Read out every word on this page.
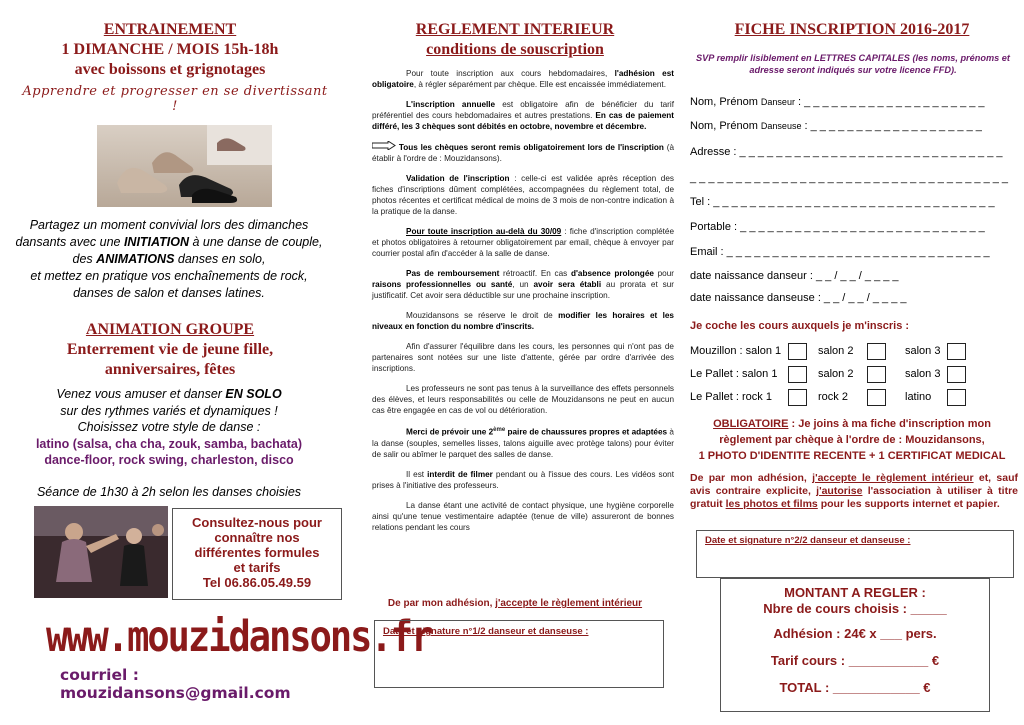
ENTRAINEMENT
1 DIMANCHE / MOIS 15h-18h
avec boissons et grignotages
Apprendre et progresser en se divertissant !
Partagez un moment convivial lors des dimanches
dansants avec une INITIATION à une danse de couple,
des ANIMATIONS danses en solo,
et mettez en pratique vos enchaînements de rock,
danses de salon et danses latines.
ANIMATION GROUPE
Enterrement vie de jeune fille,
anniversaires, fêtes
Venez vous amuser et danser EN SOLO
sur des rythmes variés et dynamiques !
Choisissez votre style de danse :
latino (salsa, cha cha, zouk, samba, bachata)
dance-floor, rock swing, charleston, disco
Séance de 1h30 à 2h selon les danses choisies
Consultez-nous pour
connaître nos
différentes formules
et tarifs
Tel 06.86.05.49.59
www.mouzidansons.fr
courriel : mouzidansons@gmail.com
REGLEMENT INTERIEUR
conditions de souscription

Pour toute inscription aux cours hebdomadaires, l'adhésion est obligatoire, à régler séparément par chèque. Elle est encaissée immédiatement.

L'inscription annuelle est obligatoire afin de bénéficier du tarif préférentiel des cours hebdomadaires et autres prestations. En cas de paiement différé, les 3 chèques sont débités en octobre, novembre et décembre.

Tous les chèques seront remis obligatoirement lors de l'inscription (à établir à l'ordre de : Mouzidansons).

Validation de l'inscription : celle-ci est validée après réception des fiches d'inscriptions dûment complétées, accompagnées du règlement total, de photos récentes et certificat médical de moins de 3 mois de non-contre indication à la pratique de la danse.

Pour toute inscription au-delà du 30/09 : fiche d'inscription complétée et photos obligatoires à retourner obligatoirement par email, chèque à envoyer par courrier postal afin d'accéder à la salle de danse.

Pas de remboursement rétroactif. En cas d'absence prolongée pour raisons professionnelles ou santé, un avoir sera établi au prorata et sur justificatif. Cet avoir sera déductible sur une prochaine inscription.

Mouzidansons se réserve le droit de modifier les horaires et les niveaux en fonction du nombre d'inscrits.

Afin d'assurer l'équilibre dans les cours, les personnes qui n'ont pas de partenaires sont notées sur une liste d'attente, gérée par ordre d'arrivée des inscriptions.

Les professeurs ne sont pas tenus à la surveillance des effets personnels des élèves, et leurs responsabilités ou celle de Mouzidansons ne peut en aucun cas être engagée en cas de vol ou détérioration.

Merci de prévoir une 2ème paire de chaussures propres et adaptées à la danse (souples, semelles lisses, talons aiguille avec protège talons) pour éviter de salir ou abîmer le parquet des salles de danse.

Il est interdit de filmer pendant ou à l'issue des cours. Les vidéos sont prises à l'initiative des professeurs.

La danse étant une activité de contact physique, une hygiène corporelle ainsi qu'une tenue vestimentaire adaptée (tenue de ville) assureront de bonnes relations pendant les cours

De par mon adhésion, j'accepte le règlement intérieur
Date et signature n°1/2 danseur et danseuse :
FICHE INSCRIPTION 2016-2017
SVP remplir lisiblement en LETTRES CAPITALES (les noms, prénoms et adresse seront indiqués sur votre licence FFD).
Nom, Prénom Danseur : _ _ _ _ _ _ _ _ _ _ _ _ _ _ _ _ _ _ _ _
Nom, Prénom Danseuse : _ _ _ _ _ _ _ _ _ _ _ _ _ _ _ _ _ _ _
Adresse : _ _ _ _ _ _ _ _ _ _ _ _ _ _ _ _ _ _ _ _ _ _ _ _ _ _ _ _ _
_ _ _ _ _ _ _ _ _ _ _ _ _ _ _ _ _ _ _ _ _ _ _ _ _ _ _ _ _ _ _ _ _ _ _
Tel : _ _ _ _ _ _ _ _ _ _ _ _ _ _ _ _ _ _ _ _ _ _ _ _ _ _ _ _ _ _ _
Portable : _ _ _ _ _ _ _ _ _ _ _ _ _ _ _ _ _ _ _ _ _ _ _ _ _ _ _
Email : _ _ _ _ _ _ _ _ _ _ _ _ _ _ _ _ _ _ _ _ _ _ _ _ _ _ _ _ _
date naissance danseur : _ _ / _ _ / _ _ _ _
date naissance danseuse : _ _ / _ _ / _ _ _ _
Je coche les cours auxquels je m'inscris :
Mouzillon : salon 1	salon 2	salon 3
Le Pallet : salon 1	salon 2	salon 3
Le Pallet : rock 1	rock 2	latino
OBLIGATOIRE : Je joins à ma fiche d'inscription mon
règlement par chèque à l'ordre de : Mouzidansons,
1 PHOTO D'IDENTITE RECENTE + 1 CERTIFICAT MEDICAL
De par mon adhésion, j'accepte le règlement intérieur et, sauf avis contraire explicite, j'autorise l'association à utiliser à titre gratuit les photos et films pour les supports internet et papier.
Date et signature n°2/2 danseur et danseuse :
MONTANT A REGLER :
Nbre de cours choisis : _____
Adhésion : 24€ x ___ pers.
Tarif cours : ___________ €
TOTAL : ____________ €
